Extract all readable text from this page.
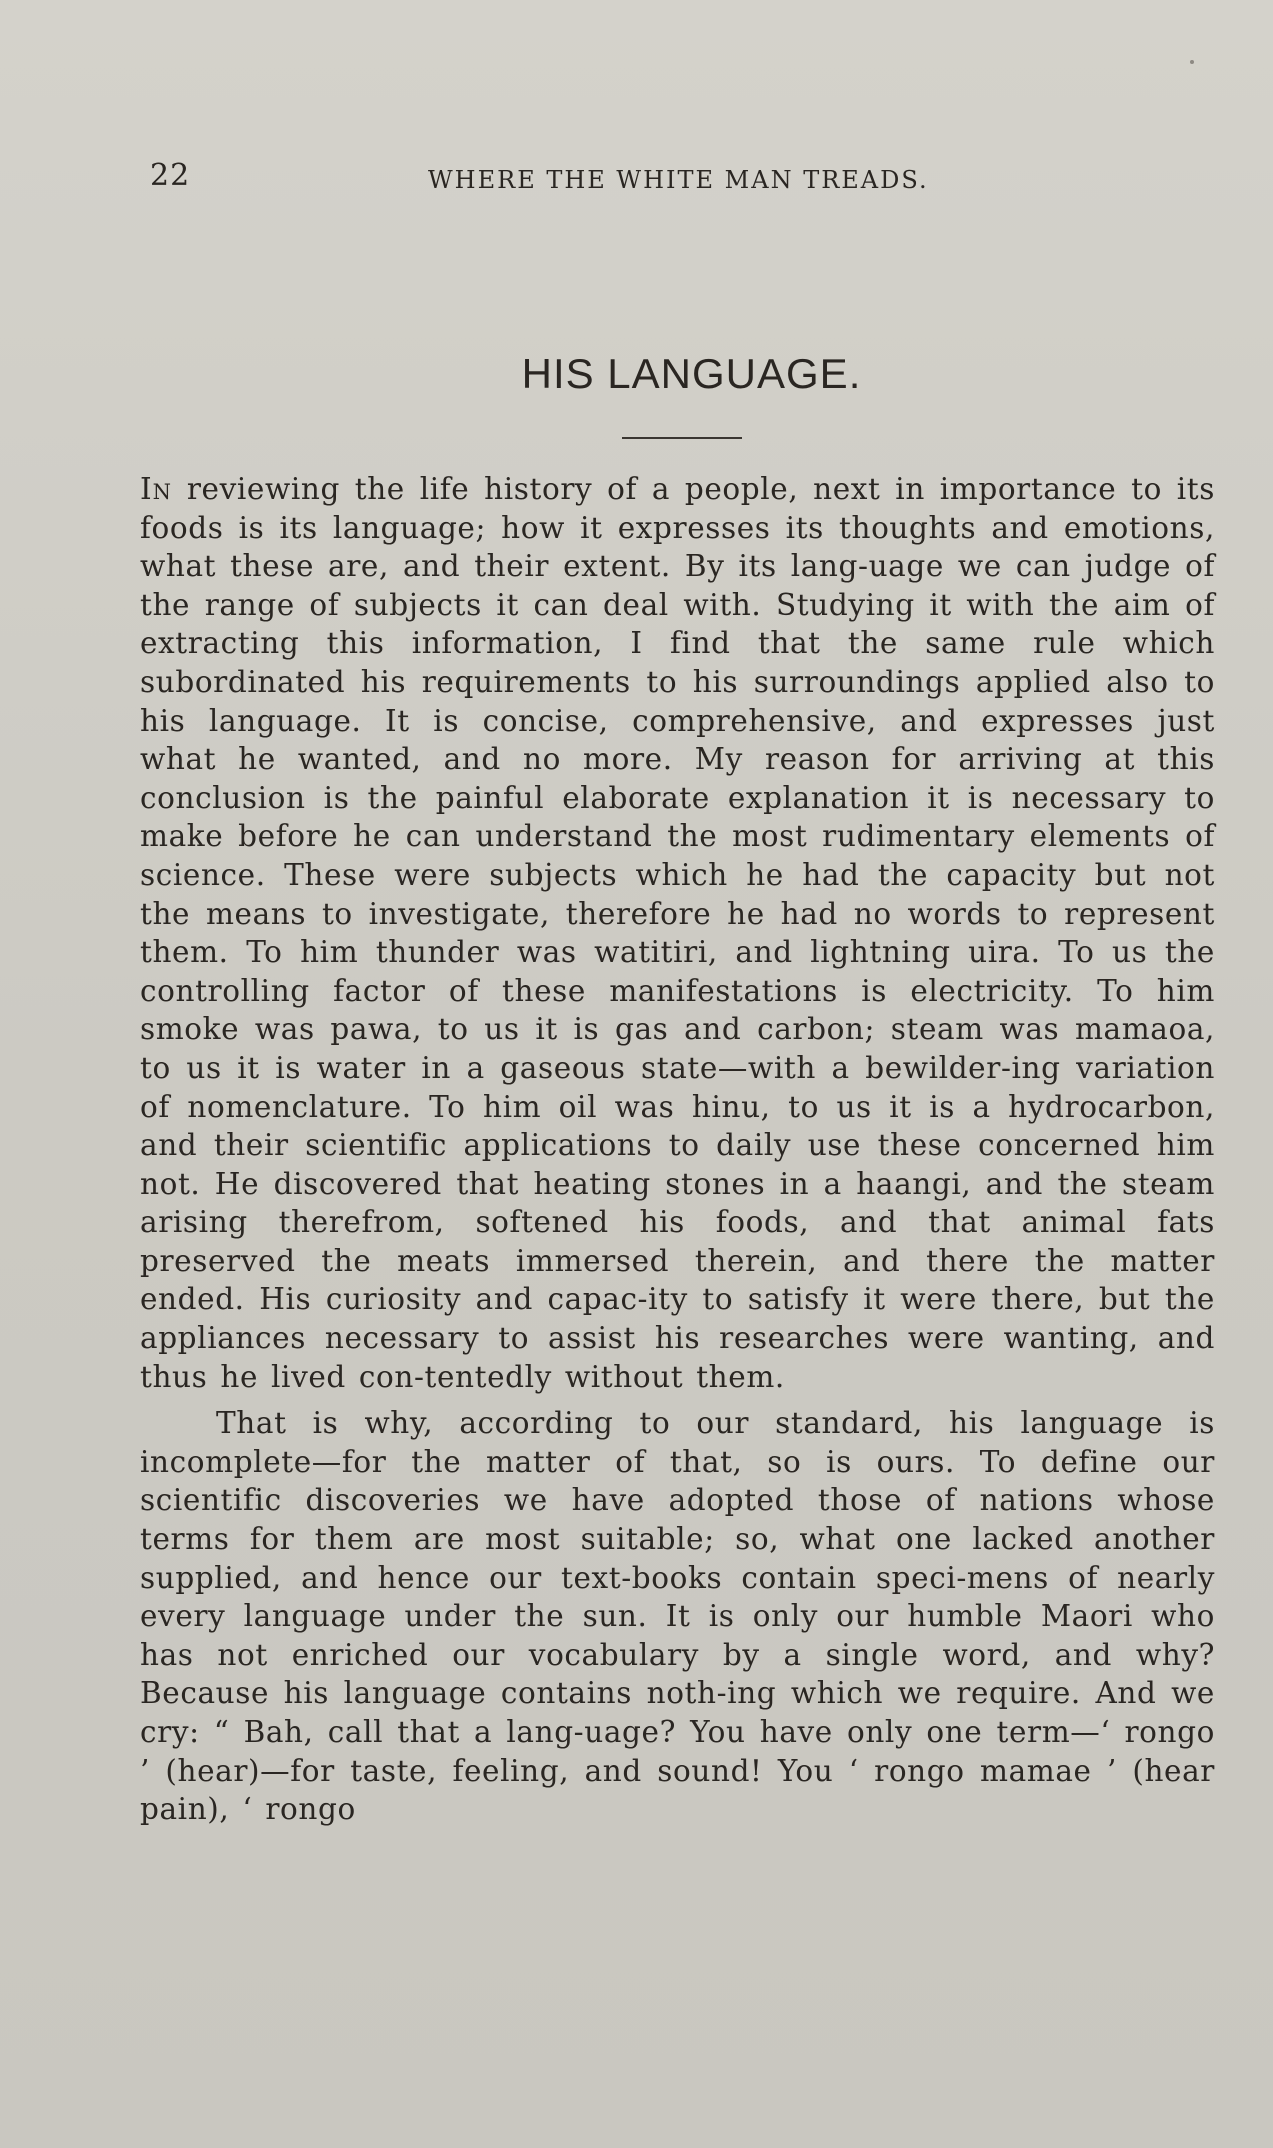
22	WHERE THE WHITE MAN TREADS.
HIS LANGUAGE.

In reviewing the life history of a people, next in importance to its foods is its language; how it expresses its thoughts and emotions, what these are, and their extent. By its lang-uage we can judge of the range of subjects it can deal with. Studying it with the aim of extracting this information, I find that the same rule which subordinated his requirements to his surroundings applied also to his language. It is concise, comprehensive, and expresses just what he wanted, and no more. My reason for arriving at this conclusion is the painful elaborate explanation it is necessary to make before he can understand the most rudimentary elements of science. These were subjects which he had the capacity but not the means to investigate, therefore he had no words to represent them. To him thunder was watitiri, and lightning uira. To us the controlling factor of these manifestations is electricity. To him smoke was pawa, to us it is gas and carbon; steam was mamaoa, to us it is water in a gaseous state—with a bewilder-ing variation of nomenclature. To him oil was hinu, to us it is a hydrocarbon, and their scientific applications to daily use these concerned him not. He discovered that heating stones in a haangi, and the steam arising therefrom, softened his foods, and that animal fats preserved the meats immersed therein, and there the matter ended. His curiosity and capac-ity to satisfy it were there, but the appliances necessary to assist his researches were wanting, and thus he lived con-tentedly without them.

That is why, according to our standard, his language is incomplete—for the matter of that, so is ours. To define our scientific discoveries we have adopted those of nations whose terms for them are most suitable; so, what one lacked another supplied, and hence our text-books contain speci-mens of nearly every language under the sun. It is only our humble Maori who has not enriched our vocabulary by a single word, and why? Because his language contains noth-ing which we require. And we cry: “ Bah, call that a lang-uage? You have only one term—‘ rongo ’ (hear)—for taste, feeling, and sound! You ‘ rongo mamae ’ (hear pain), ‘ rongo
